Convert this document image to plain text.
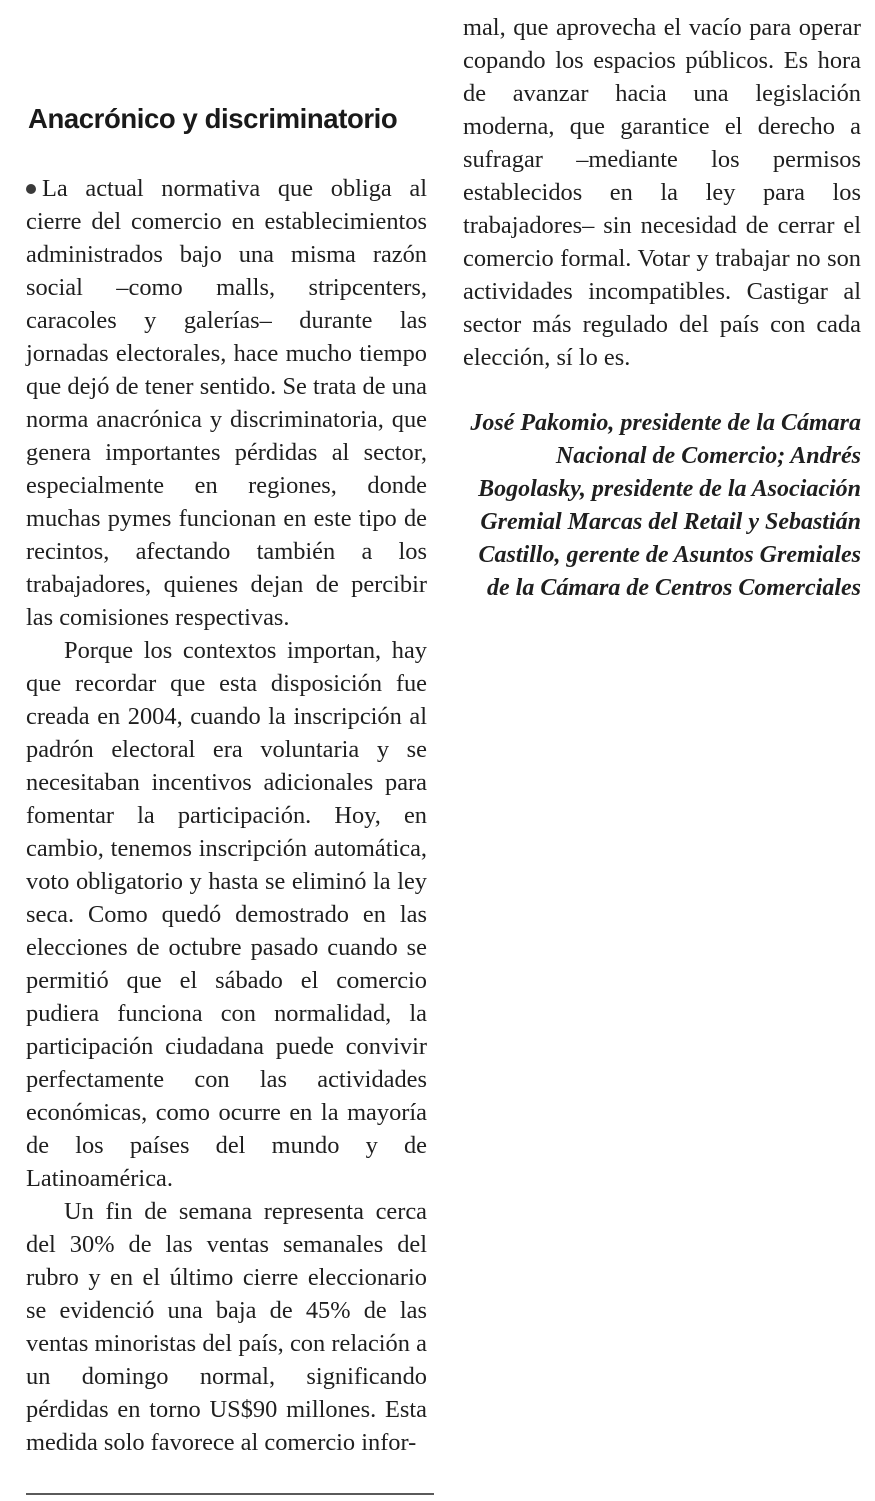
Anacrónico y discriminatorio

La actual normativa que obliga al cierre del comercio en establecimientos administrados bajo una misma razón social –como malls, stripcenters, caracoles y galerías– durante las jornadas electorales, hace mucho tiempo que dejó de tener sentido. Se trata de una norma anacrónica y discriminatoria, que genera importantes pérdidas al sector, especialmente en regiones, donde muchas pymes funcionan en este tipo de recintos, afectando también a los trabajadores, quienes dejan de percibir las comisiones respectivas.

Porque los contextos importan, hay que recordar que esta disposición fue creada en 2004, cuando la inscripción al padrón electoral era voluntaria y se necesitaban incentivos adicionales para fomentar la participación. Hoy, en cambio, tenemos inscripción automática, voto obligatorio y hasta se eliminó la ley seca. Como quedó demostrado en las elecciones de octubre pasado cuando se permitió que el sábado el comercio pudiera funciona con normalidad, la participación ciudadana puede convivir perfectamente con las actividades económicas, como ocurre en la mayoría de los países del mundo y de Latinoamérica.

Un fin de semana representa cerca del 30% de las ventas semanales del rubro y en el último cierre eleccionario se evidenció una baja de 45% de las ventas minoristas del país, con relación a un domingo normal, significando pérdidas en torno US$90 millones. Esta medida solo favorece al comercio infor-

mal, que aprovecha el vacío para operar copando los espacios públicos. Es hora de avanzar hacia una legislación moderna, que garantice el derecho a sufragar –mediante los permisos establecidos en la ley para los trabajadores– sin necesidad de cerrar el comercio formal. Votar y trabajar no son actividades incompatibles. Castigar al sector más regulado del país con cada elección, sí lo es.

José Pakomio, presidente de la Cámara Nacional de Comercio; Andrés Bogolasky, presidente de la Asociación Gremial Marcas del Retail y Sebastián Castillo, gerente de Asuntos Gremiales de la Cámara de Centros Comerciales
